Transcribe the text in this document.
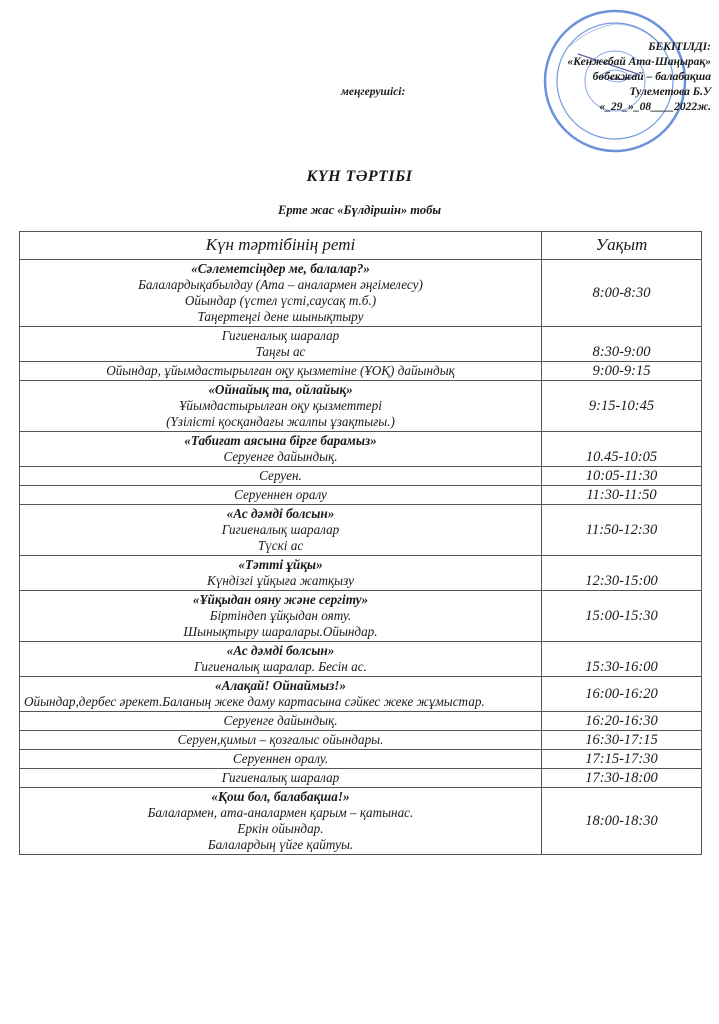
БЕКІТІЛДІ:
«Кенжебай Ата-Шаңырақ»
бөбекжай – балабақша
меңгерушісі:	Тулеметова Б.У
«_29_»_08____2022ж.
КҮН ТӘРТІБІ
Ерте жас «Бүлдіршін» тобы
Күн тәртібінің реті	Уақыт

«Сәлеметсіңдер ме, балалар?»
Балалардықабылдау (Ата – аналармен әңгімелесу)
Ойындар (үстел үсті,саусақ т.б.)
Таңертеңгі дене шынықтыру	8:00-8:30

Гигиеналық шаралар
Таңғы ас	8:30-9:00

Ойындар, ұйымдастырылған оқу қызметіне (ҰОҚ) дайындық	9:00-9:15

«Ойнайық та, ойлайық»
Ұйымдастырылған оқу қызметтері
(Үзілісті қосқандағы жалпы ұзақтығы.)	9:15-10:45

«Табиғат аясына бірге барамыз»
Серуенге дайындық.	10.45-10:05

Серуен.	10:05-11:30

Серуеннен оралу	11:30-11:50

«Ас дәмді болсын»
Гигиеналық шаралар
Түскі ас	11:50-12:30

«Тәтті ұйқы»
Күндізгі ұйқыға жатқызу	12:30-15:00

«Ұйқыдан ояну және сергіту»
Біртіндеп ұйқыдан ояту.
Шынықтыру шаралары.Ойындар.	15:00-15:30

«Ас дәмді болсын»
Гигиеналық шаралар. Бесін ас.	15:30-16:00

«Алақай! Ойнаймыз!»
Ойындар,дербес әрекет.Баланың жеке даму картасына сәйкес жеке жұмыстар.	16:00-16:20

Серуенге дайындық.	16:20-16:30

Серуен,қимыл – қозғалыс ойындары.	16:30-17:15

Серуеннен оралу.	17:15-17:30

Гигиеналық шаралар	17:30-18:00

«Қош бол, балабақша!»
Балалармен, ата-аналармен қарым – қатынас.
Еркін ойындар.
Балалардың үйге қайтуы.	18:00-18:30
